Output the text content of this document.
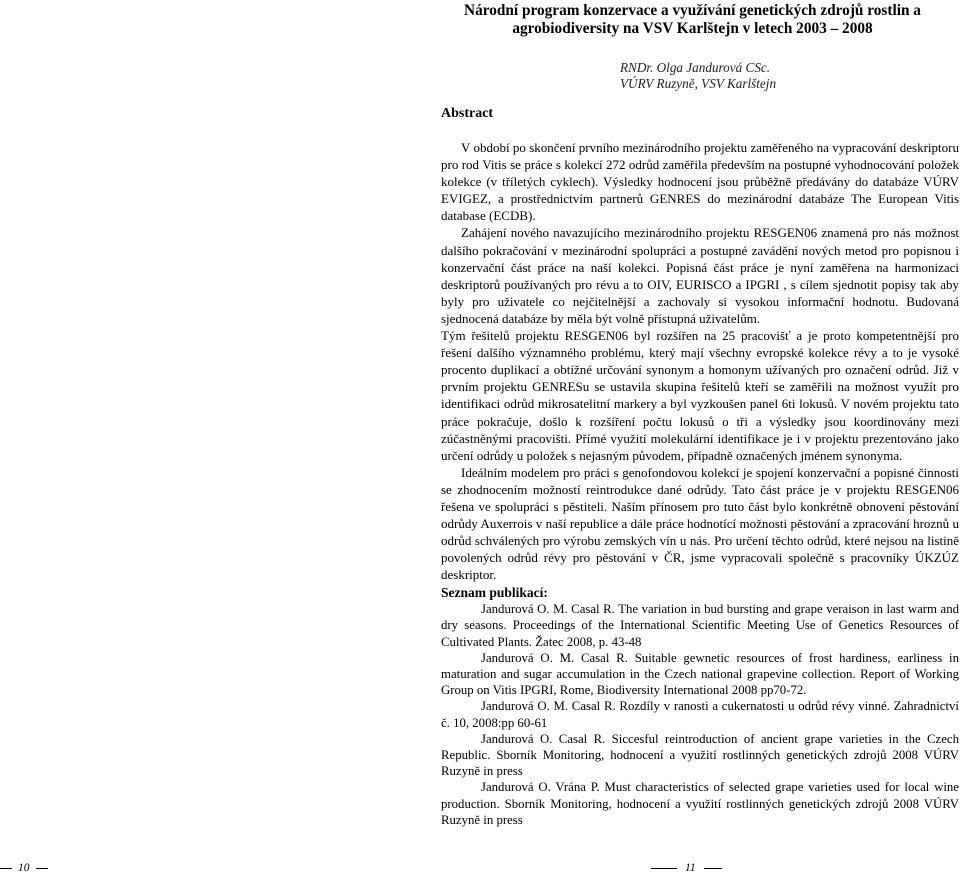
Národní program konzervace a využívání genetických zdrojů rostlin a
agrobiodiversity na VSV Karlštejn v letech 2003 – 2008
RNDr. Olga Jandurová CSc.
VÚRV Ruzyně, VSV Karlštejn
Abstract

V období po skončení prvního mezinárodního projektu zaměřeného na vypracování deskriptoru pro rod Vitis se práce s kolekcí 272 odrůd zaměřila především na postupné vyhodnocování položek kolekce (v tříletých cyklech). Výsledky hodnocení jsou průběžně předávány do databáze VÚRV EVIGEZ, a prostřednictvím partnerů GENRES do mezinárodní databáze The European Vitis database (ECDB).

Zahájení nového navazujícího mezinárodního projektu RESGEN06 znamená pro nás možnost dalšího pokračování v mezinárodní spolupráci a postupné zavádění nových metod pro popisnou i konzervační část práce na naší kolekci. Popisná část práce je nyní zaměřena na harmonizaci deskriptorů používaných pro révu a to OIV, EURISCO a IPGRI , s cílem sjednotit popisy tak aby byly pro uživatele co nejčitelnější a zachovaly si vysokou informační hodnotu. Budovaná sjednocená databáze by měla být volně přístupná uživatelům.

Tým řešitelů projektu RESGEN06 byl rozšířen na 25 pracovišť a je proto kompetentnější pro řešení dalšího významného problému, který mají všechny evropské kolekce révy a to je vysoké procento duplikací a obtížné určování synonym a homonym užívaných pro označení odrůd. Již v prvním projektu GENRESu se ustavila skupina řešitelů kteří se zaměřili na možnost využít pro identifikaci odrůd mikrosatelitní markery a byl vyzkoušen panel 6ti lokusů. V novém projektu tato práce pokračuje, došlo k rozšíření počtu lokusů o tři a výsledky jsou koordinovány mezi zúčastněnými pracovišti. Přímé využití molekulární identifikace je i v projektu prezentováno jako určení odrůdy u položek s nejasným původem, případně označených jménem synonyma.

Ideálním modelem pro práci s genofondovou kolekcí je spojení konzervační a popisné činnosti se zhodnocením možností reintrodukce dané odrůdy. Tato část práce je v projektu RESGEN06 řešena ve spolupráci s pěstiteli. Naším přínosem pro tuto část bylo konkrétně obnovení pěstování odrůdy Auxerrois v naší republice a dále práce hodnotící možnosti pěstování a zpracování hroznů u odrůd schválených pro výrobu zemských vín u nás. Pro určení těchto odrůd, které nejsou na listině povolených odrůd révy pro pěstování v ČR, jsme vypracovali společně s pracovníky ÚKZÚZ deskriptor.

Seznam publikací:

Jandurová O. M. Casal R. The variation in bud bursting and grape veraison in last warm and dry seasons. Proceedings of the International Scientific Meeting Use of Genetics Resources of Cultivated Plants. Žatec 2008, p. 43-48

Jandurová O. M. Casal R. Suitable gewnetic resources of frost hardiness, earliness in maturation and sugar accumulation in the Czech national grapevine collection. Report of Working Group on Vitis IPGRI, Rome, Biodiversity International 2008 pp70-72.

Jandurová O. M. Casal R. Rozdíly v ranosti a cukernatosti u odrůd révy vinné. Zahradnictví č. 10, 2008:pp 60-61

Jandurová O. Casal R. Siccesful reintroduction of ancient grape varieties in the Czech Republic. Sborník Monitoring, hodnocení a využití rostlinných genetických zdrojů 2008 VÚRV Ruzyně in press

Jandurová O. Vrána P. Must characteristics of selected grape varieties used for local wine production. Sborník Monitoring, hodnocení a využití rostlinných genetických zdrojů 2008 VÚRV Ruzyně in press

10	11
